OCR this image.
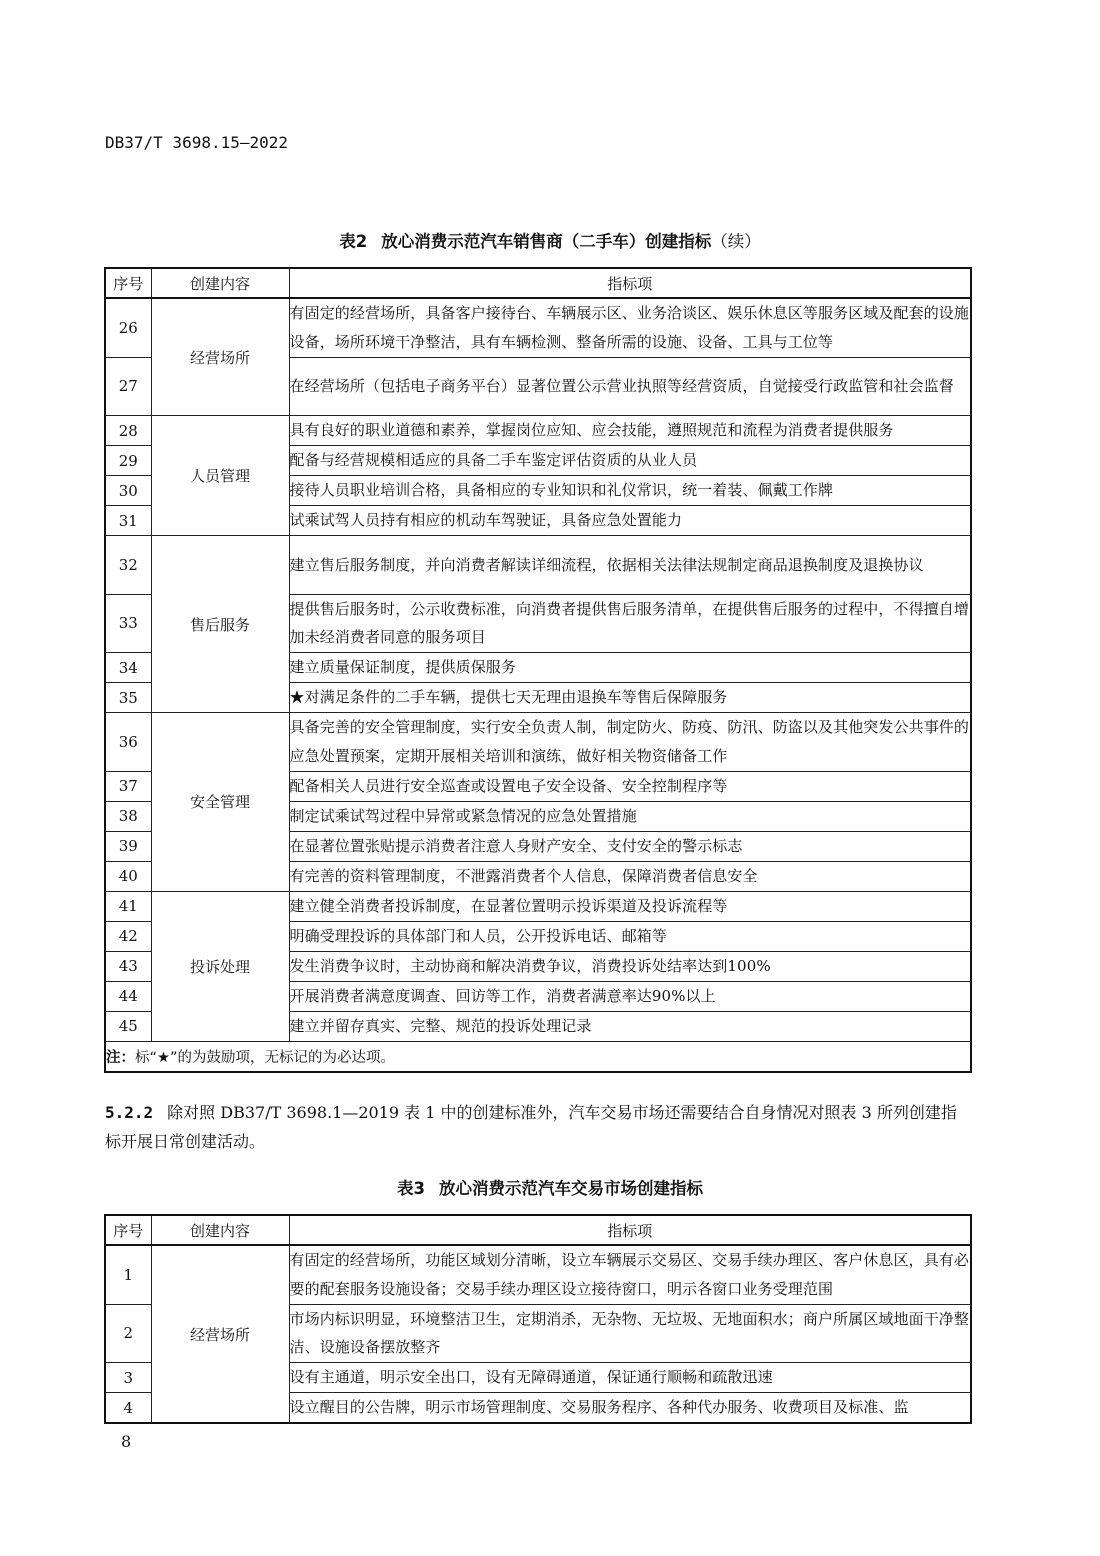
DB37/T 3698.15—2022
表2 放心消费示范汽车销售商（二手车）创建指标（续）
序号	创建内容	指标项
26	经营场所	有固定的经营场所，具备客户接待台、车辆展示区、业务洽谈区、娱乐休息区等服务区域及配套的设施设备，场所环境干净整洁，具有车辆检测、整备所需的设施、设备、工具与工位等
27		在经营场所（包括电子商务平台）显著位置公示营业执照等经营资质，自觉接受行政监管和社会监督
28	人员管理	具有良好的职业道德和素养，掌握岗位应知、应会技能，遵照规范和流程为消费者提供服务
29		配备与经营规模相适应的具备二手车鉴定评估资质的从业人员
30		接待人员职业培训合格，具备相应的专业知识和礼仪常识，统一着装、佩戴工作牌
31		试乘试驾人员持有相应的机动车驾驶证，具备应急处置能力
32	售后服务	建立售后服务制度，并向消费者解读详细流程，依据相关法律法规制定商品退换制度及退换协议
33		提供售后服务时，公示收费标准，向消费者提供售后服务清单，在提供售后服务的过程中，不得擅自增加未经消费者同意的服务项目
34		建立质量保证制度，提供质保服务
35		★对满足条件的二手车辆，提供七天无理由退换车等售后保障服务
36	安全管理	具备完善的安全管理制度，实行安全负责人制，制定防火、防疫、防汛、防盗以及其他突发公共事件的应急处置预案，定期开展相关培训和演练，做好相关物资储备工作
37		配备相关人员进行安全巡查或设置电子安全设备、安全控制程序等
38		制定试乘试驾过程中异常或紧急情况的应急处置措施
39		在显著位置张贴提示消费者注意人身财产安全、支付安全的警示标志
40		有完善的资料管理制度，不泄露消费者个人信息，保障消费者信息安全
41	投诉处理	建立健全消费者投诉制度，在显著位置明示投诉渠道及投诉流程等
42		明确受理投诉的具体部门和人员，公开投诉电话、邮箱等
43		发生消费争议时，主动协商和解决消费争议，消费投诉处结率达到100%
44		开展消费者满意度调查、回访等工作，消费者满意率达90%以上
45		建立并留存真实、完整、规范的投诉处理记录
注：标“★”的为鼓励项，无标记的为必达项。		
5.2.2 除对照 DB37/T 3698.1—2019 表 1 中的创建标准外，汽车交易市场还需要结合自身情况对照表 3 所列创建指标开展日常创建活动。
表3 放心消费示范汽车交易市场创建指标
序号	创建内容	指标项
1	经营场所	有固定的经营场所，功能区域划分清晰，设立车辆展示交易区、交易手续办理区、客户休息区，具有必要的配套服务设施设备；交易手续办理区设立接待窗口，明示各窗口业务受理范围
2		市场内标识明显，环境整洁卫生，定期消杀，无杂物、无垃圾、无地面积水；商户所属区域地面干净整洁、设施设备摆放整齐
3		设有主通道，明示安全出口，设有无障碍通道，保证通行顺畅和疏散迅速
4		设立醒目的公告牌，明示市场管理制度、交易服务程序、各种代办服务、收费项目及标准、监
8
